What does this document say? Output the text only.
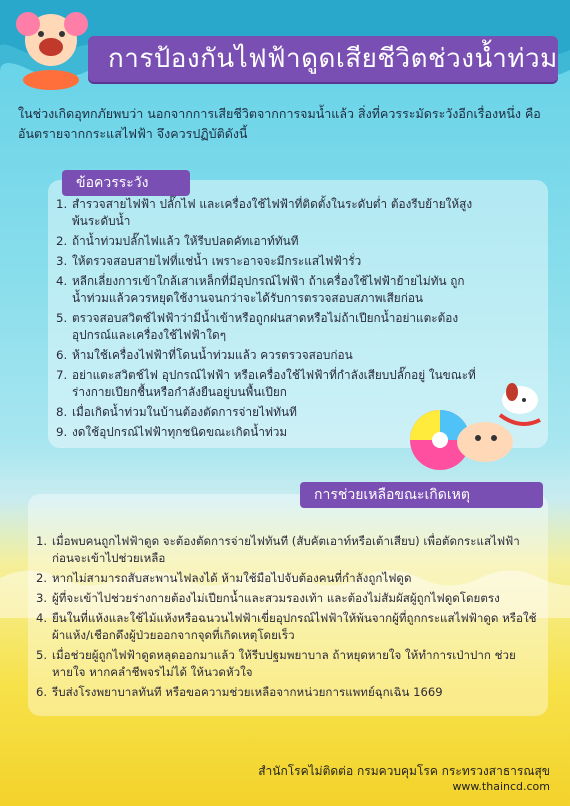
การป้องกันไฟฟ้าดูดเสียชีวิตช่วงน้ำท่วม
ในช่วงเกิดอุทกภัยพบว่า นอกจากการเสียชีวิตจากการจมน้ำแล้ว สิ่งที่ควรระมัดระวังอีกเรื่องหนึ่ง คือ อันตรายจากกระแสไฟฟ้า จึงควรปฏิบัติดังนี้
ข้อควรระวัง
1. สำรวจสายไฟฟ้า ปลั๊กไฟ และเครื่องใช้ไฟฟ้าที่ติดตั้งในระดับต่ำ ต้องรีบย้ายให้สูงพ้นระดับน้ำ
2. ถ้าน้ำท่วมปลั๊กไฟแล้ว ให้รีบปลดคัทเอาท์ทันที
3. ให้ตรวจสอบสายไฟที่แช่น้ำ เพราะอาจจะมีกระแสไฟฟ้ารั่ว
4. หลีกเลี่ยงการเข้าใกล้เสาเหล็กที่มีอุปกรณ์ไฟฟ้า ถ้าเครื่องใช้ไฟฟ้าย้ายไม่ทัน ถูกน้ำท่วมแล้วควรหยุดใช้งานจนกว่าจะได้รับการตรวจสอบสภาพเสียก่อน
5. ตรวจสอบสวิตช์ไฟฟ้าว่ามีน้ำเข้าหรือถูกฝนสาดหรือไม่ถ้าเปียกน้ำอย่าแตะต้อง อุปกรณ์และเครื่องใช้ไฟฟ้าใดๆ
6. ห้ามใช้เครื่องไฟฟ้าที่โดนน้ำท่วมแล้ว ควรตรวจสอบก่อน
7. อย่าแตะสวิตช์ไฟ อุปกรณ์ไฟฟ้า หรือเครื่องใช้ไฟฟ้าที่กำลังเสียบปลั๊กอยู่ ในขณะที่ ร่างกายเปียกชื้นหรือกำลังยืนอยู่บนพื้นเปียก
8. เมื่อเกิดน้ำท่วมในบ้านต้องตัดการจ่ายไฟทันที
9. งดใช้อุปกรณ์ไฟฟ้าทุกชนิดขณะเกิดน้ำท่วม
การช่วยเหลือขณะเกิดเหตุ
1. เมื่อพบคนถูกไฟฟ้าดูด จะต้องตัดการจ่ายไฟทันที (สับคัตเอาท์หรือเต้าเสียบ) เพื่อตัดกระแสไฟฟ้าก่อนจะเข้าไปช่วยเหลือ
2. หากไม่สามารถสับสะพานไฟลงได้ ห้ามใช้มือไปจับต้องคนที่กำลังถูกไฟดูด
3. ผู้ที่จะเข้าไปช่วยร่างกายต้องไม่เปียกน้ำและสวมรองเท้า และต้องไม่สัมผัสผู้ถูกไฟดูดโดยตรง
4. ยืนในที่แห้งและใช้ไม้แห้งหรือฉนวนไฟฟ้าเขี่ยอุปกรณ์ไฟฟ้าให้พ้นจากผู้ที่ถูกกระแสไฟฟ้าดูด หรือใช้ผ้าแห้ง/เชือกดึงผู้ป่วยออกจากจุดที่เกิดเหตุโดยเร็ว
5. เมื่อช่วยผู้ถูกไฟฟ้าดูดหลุดออกมาแล้ว ให้รีบปฐมพยาบาล ถ้าหยุดหายใจ ให้ทำการเป่าปาก ช่วยหายใจ หากคลำชีพจรไม่ได้ ให้นวดหัวใจ
6. รีบส่งโรงพยาบาลทันที หรือขอความช่วยเหลือจากหน่วยการแพทย์ฉุกเฉิน 1669
สำนักโรคไม่ติดต่อ กรมควบคุมโรค กระทรวงสาธารณสุข
www.thaincd.com
